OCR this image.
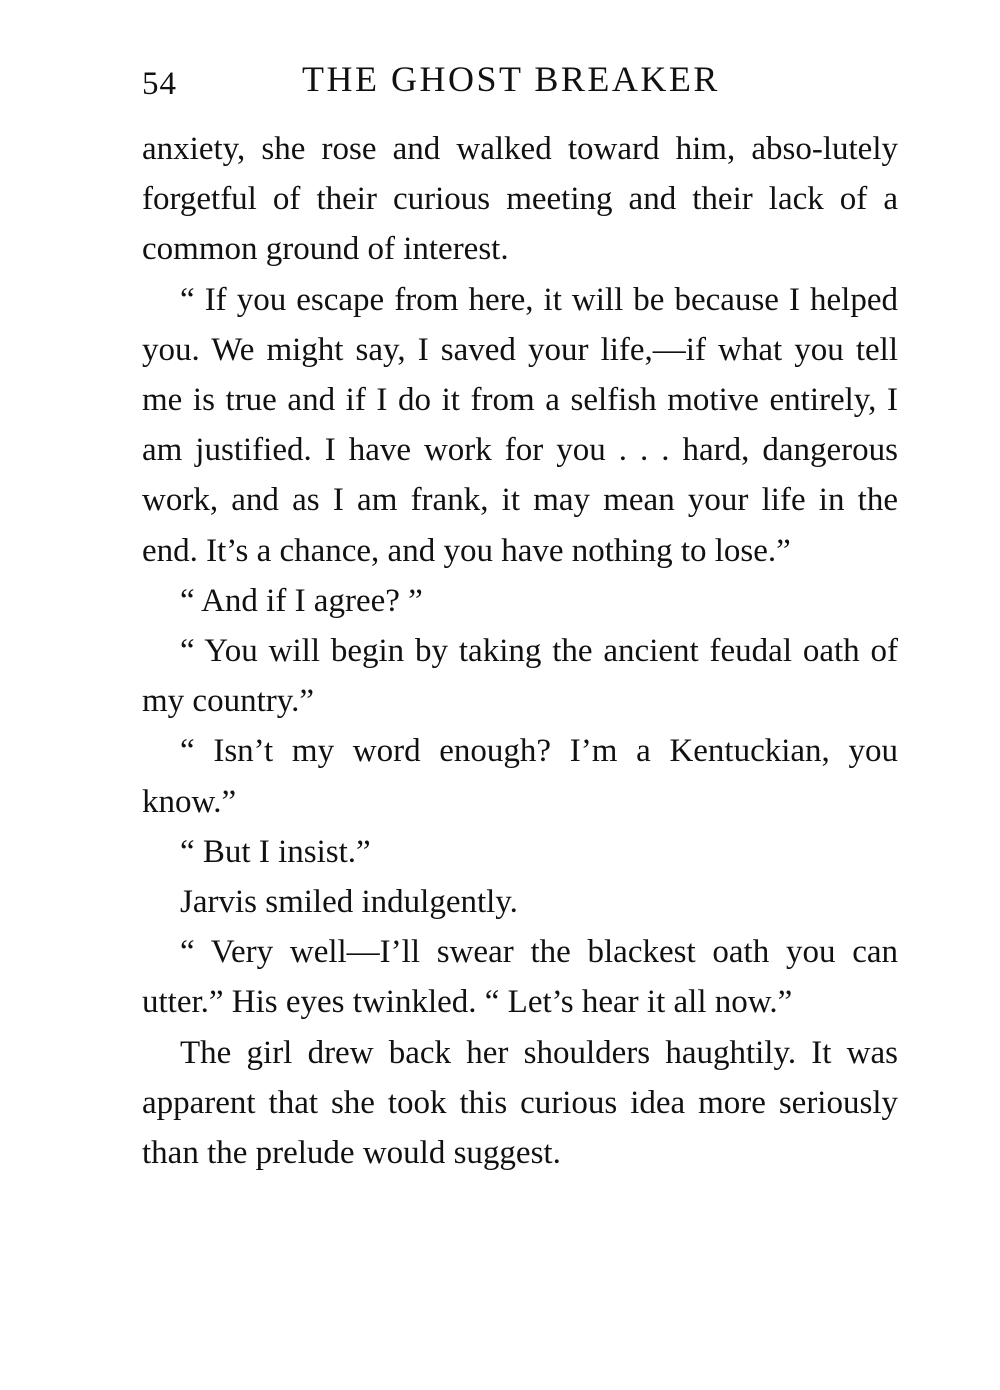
54	THE GHOST BREAKER

anxiety, she rose and walked toward him, abso-lutely forgetful of their curious meeting and their lack of a common ground of interest.

“ If you escape from here, it will be because I helped you. We might say, I saved your life,—if what you tell me is true and if I do it from a selfish motive entirely, I am justified. I have work for you . . . hard, dangerous work, and as I am frank, it may mean your life in the end. It’s a chance, and you have nothing to lose.”

“ And if I agree? ”

“ You will begin by taking the ancient feudal oath of my country.”

“ Isn’t my word enough? I’m a Kentuckian, you know.”

“ But I insist.”

Jarvis smiled indulgently.

“ Very well—I’ll swear the blackest oath you can utter.” His eyes twinkled. “ Let’s hear it all now.”

The girl drew back her shoulders haughtily. It was apparent that she took this curious idea more seriously than the prelude would suggest.
